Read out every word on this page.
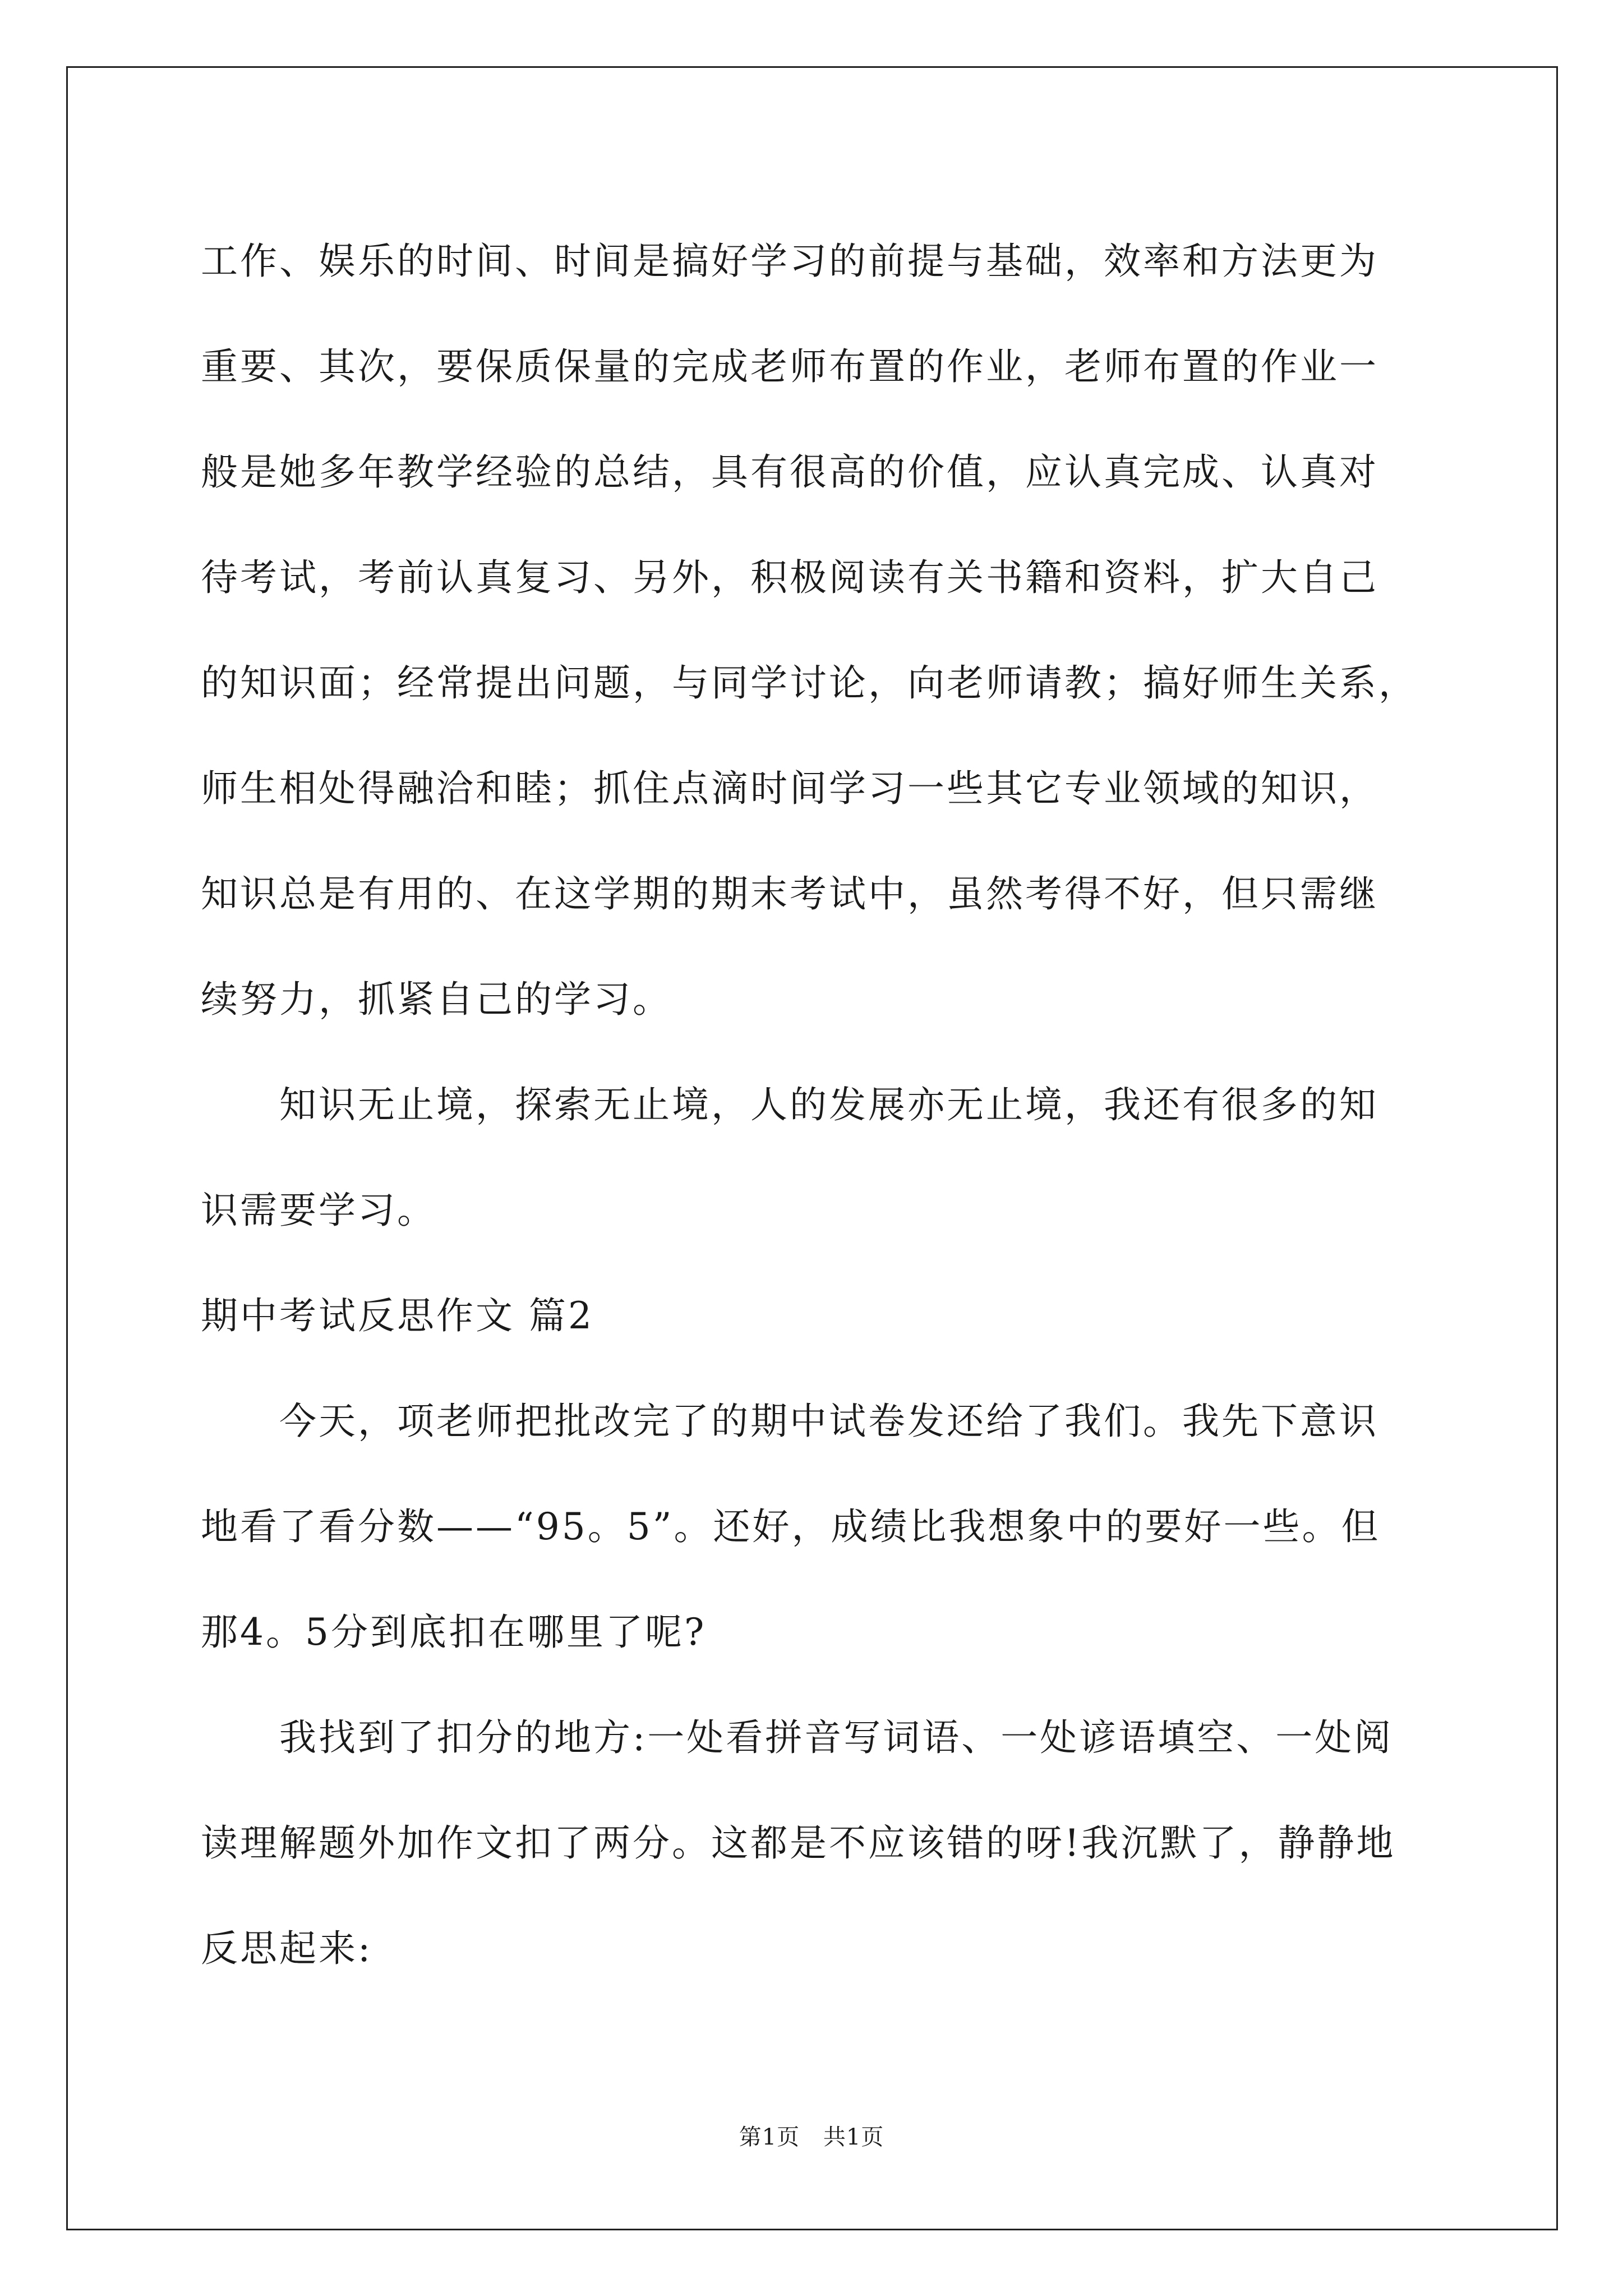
工作、娱乐的时间、时间是搞好学习的前提与基础，效率和方法更为
重要、其次，要保质保量的完成老师布置的作业，老师布置的作业一
般是她多年教学经验的总结，具有很高的价值，应认真完成、认真对
待考试，考前认真复习、另外，积极阅读有关书籍和资料，扩大自己
的知识面；经常提出问题，与同学讨论，向老师请教；搞好师生关系，
师生相处得融洽和睦；抓住点滴时间学习一些其它专业领域的知识，
知识总是有用的、在这学期的期末考试中，虽然考得不好，但只需继
续努力，抓紧自己的学习。
知识无止境，探索无止境，人的发展亦无止境，我还有很多的知
识需要学习。
期中考试反思作文 篇2
今天，项老师把批改完了的期中试卷发还给了我们。我先下意识
地看了看分数——“95。5”。还好，成绩比我想象中的要好一些。但
那4。5分到底扣在哪里了呢?
我找到了扣分的地方:一处看拼音写词语、一处谚语填空、一处阅
读理解题外加作文扣了两分。这都是不应该错的呀!我沉默了，静静地
反思起来:
第1页 共1页
